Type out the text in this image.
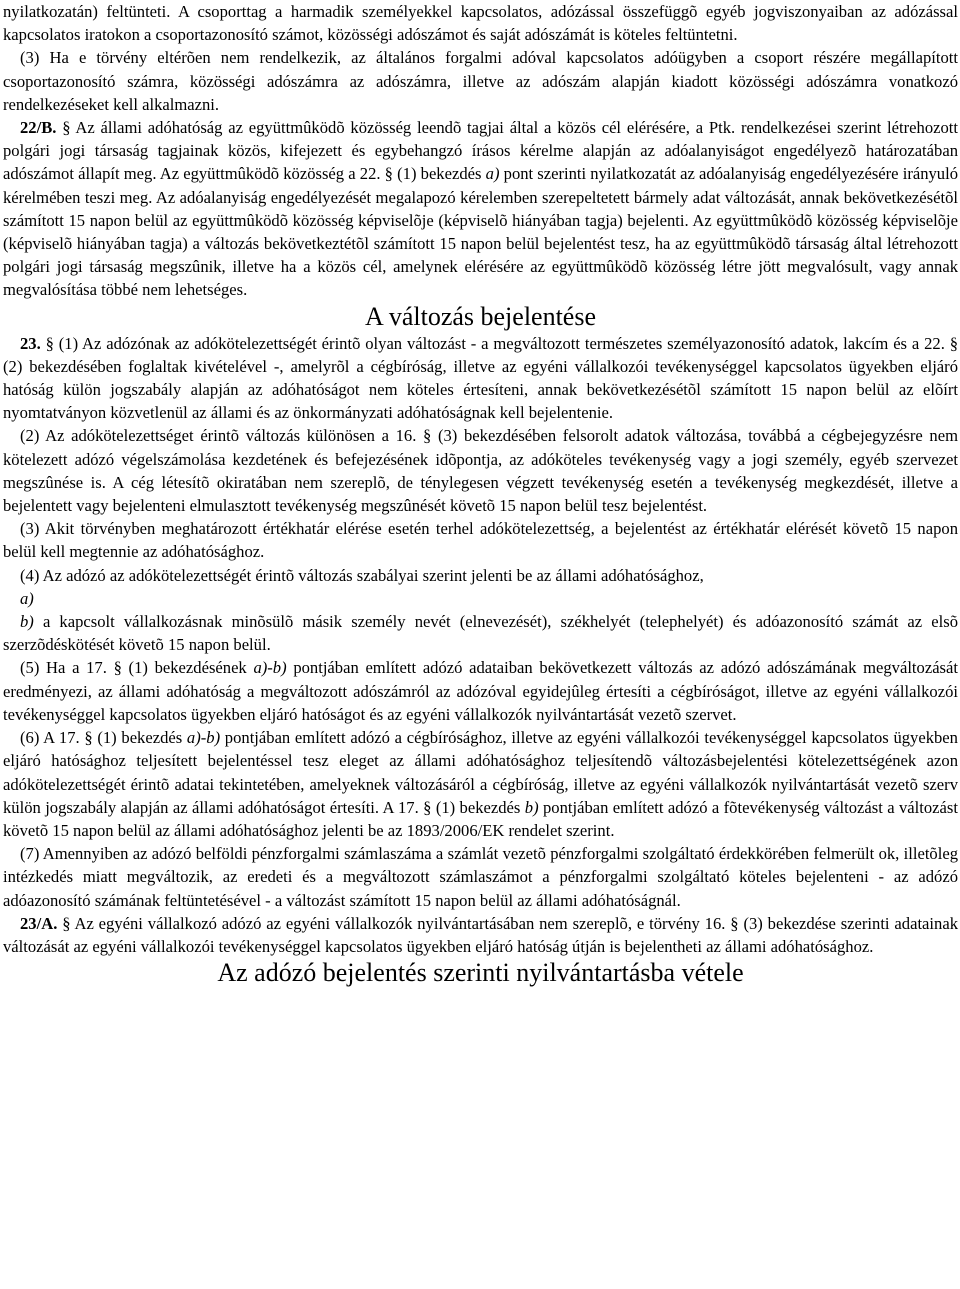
nyilatkozatán) feltünteti. A csoporttag a harmadik személyekkel kapcsolatos, adózással összefüggõ egyéb jogviszonyaiban az adózással kapcsolatos iratokon a csoportazonosító számot, közösségi adószámot és saját adószámát is köteles feltüntetni.

(3) Ha e törvény eltérõen nem rendelkezik, az általános forgalmi adóval kapcsolatos adóügyben a csoport részére megállapított csoportazonosító számra, közösségi adószámra az adószámra, illetve az adószám alapján kiadott közösségi adószámra vonatkozó rendelkezéseket kell alkalmazni.

22/B. § Az állami adóhatóság az együttmûködõ közösség leendõ tagjai által a közös cél elérésére, a Ptk. rendelkezései szerint létrehozott polgári jogi társaság tagjainak közös, kifejezett és egybehangzó írásos kérelme alapján az adóalanyiságot engedélyezõ határozatában adószámot állapít meg. Az együttmûködõ közösség a 22. § (1) bekezdés a) pont szerinti nyilatkozatát az adóalanyiság engedélyezésére irányuló kérelmében teszi meg. Az adóalanyiság engedélyezését megalapozó kérelemben szerepeltetett bármely adat változását, annak bekövetkezésétõl számított 15 napon belül az együttmûködõ közösség képviselõje (képviselõ hiányában tagja) bejelenti. Az együttmûködõ közösség képviselõje (képviselõ hiányában tagja) a változás bekövetkeztétõl számított 15 napon belül bejelentést tesz, ha az együttmûködõ társaság által létrehozott polgári jogi társaság megszûnik, illetve ha a közös cél, amelynek elérésére az együttmûködõ közösség létre jött megvalósult, vagy annak megvalósítása többé nem lehetséges.

A változás bejelentése

23. § (1) Az adózónak az adókötelezettségét érintõ olyan változást - a megváltozott természetes személyazonosító adatok, lakcím és a 22. § (2) bekezdésében foglaltak kivételével -, amelyrõl a cégbíróság, illetve az egyéni vállalkozói tevékenységgel kapcsolatos ügyekben eljáró hatóság külön jogszabály alapján az adóhatóságot nem köteles értesíteni, annak bekövetkezésétõl számított 15 napon belül az elõírt nyomtatványon közvetlenül az állami és az önkormányzati adóhatóságnak kell bejelentenie.

(2) Az adókötelezettséget érintõ változás különösen a 16. § (3) bekezdésében felsorolt adatok változása, továbbá a cégbejegyzésre nem kötelezett adózó végelszámolása kezdetének és befejezésének idõpontja, az adóköteles tevékenység vagy a jogi személy, egyéb szervezet megszûnése is. A cég létesítõ okiratában nem szereplõ, de ténylegesen végzett tevékenység esetén a tevékenység megkezdését, illetve a bejelentett vagy bejelenteni elmulasztott tevékenység megszûnését követõ 15 napon belül tesz bejelentést.

(3) Akit törvényben meghatározott értékhatár elérése esetén terhel adókötelezettség, a bejelentést az értékhatár elérését követõ 15 napon belül kell megtennie az adóhatósághoz.

(4) Az adózó az adókötelezettségét érintõ változás szabályai szerint jelenti be az állami adóhatósághoz,

a)

b) a kapcsolt vállalkozásnak minõsülõ másik személy nevét (elnevezését), székhelyét (telephelyét) és adóazonosító számát az elsõ szerzõdéskötését követõ 15 napon belül.

(5) Ha a 17. § (1) bekezdésének a)-b) pontjában említett adózó adataiban bekövetkezett változás az adózó adószámának megváltozását eredményezi, az állami adóhatóság a megváltozott adószámról az adózóval egyidejûleg értesíti a cégbíróságot, illetve az egyéni vállalkozói tevékenységgel kapcsolatos ügyekben eljáró hatóságot és az egyéni vállalkozók nyilvántartását vezetõ szervet.

(6) A 17. § (1) bekezdés a)-b) pontjában említett adózó a cégbírósághoz, illetve az egyéni vállalkozói tevékenységgel kapcsolatos ügyekben eljáró hatósághoz teljesített bejelentéssel tesz eleget az állami adóhatósághoz teljesítendõ változásbejelentési kötelezettségének azon adókötelezettségét érintõ adatai tekintetében, amelyeknek változásáról a cégbíróság, illetve az egyéni vállalkozók nyilvántartását vezetõ szerv külön jogszabály alapján az állami adóhatóságot értesíti. A 17. § (1) bekezdés b) pontjában említett adózó a fõtevékenység változást a változást követõ 15 napon belül az állami adóhatósághoz jelenti be az 1893/2006/EK rendelet szerint.

(7) Amennyiben az adózó belföldi pénzforgalmi számlaszáma a számlát vezetõ pénzforgalmi szolgáltató érdekkörében felmerült ok, illetõleg intézkedés miatt megváltozik, az eredeti és a megváltozott számlaszámot a pénzforgalmi szolgáltató köteles bejelenteni - az adózó adóazonosító számának feltüntetésével - a változást számított 15 napon belül az állami adóhatóságnál.

23/A. § Az egyéni vállalkozó adózó az egyéni vállalkozók nyilvántartásában nem szereplõ, e törvény 16. § (3) bekezdése szerinti adatainak változását az egyéni vállalkozói tevékenységgel kapcsolatos ügyekben eljáró hatóság útján is bejelentheti az állami adóhatósághoz.

Az adózó bejelentés szerinti nyilvántartásba vétele
